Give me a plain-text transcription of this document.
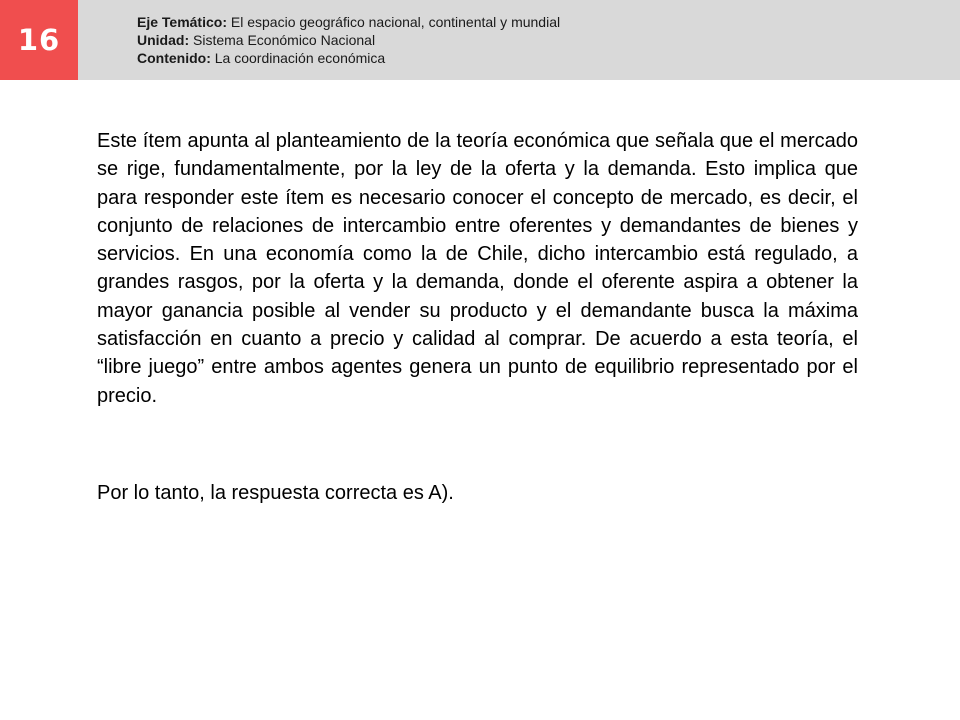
16
Eje Temático: El espacio geográfico nacional, continental y mundial
Unidad: Sistema Económico Nacional
Contenido: La coordinación económica

Este ítem apunta al planteamiento de la teoría económica que señala que el mercado se rige, fundamentalmente, por la ley de la oferta y la demanda. Esto implica que para responder este ítem es necesario conocer el concepto de mercado, es decir, el conjunto de relaciones de intercambio entre oferentes y demandantes de bienes y servicios. En una economía como la de Chile, dicho intercambio está regulado, a grandes rasgos, por la oferta y la demanda, donde el oferente aspira a obtener la mayor ganancia posible al vender su producto y el demandante busca la máxima satisfacción en cuanto a precio y calidad al comprar. De acuerdo a esta teoría, el “libre juego” entre ambos agentes genera un punto de equilibrio representado por el precio.

Por lo tanto, la respuesta correcta es A).
